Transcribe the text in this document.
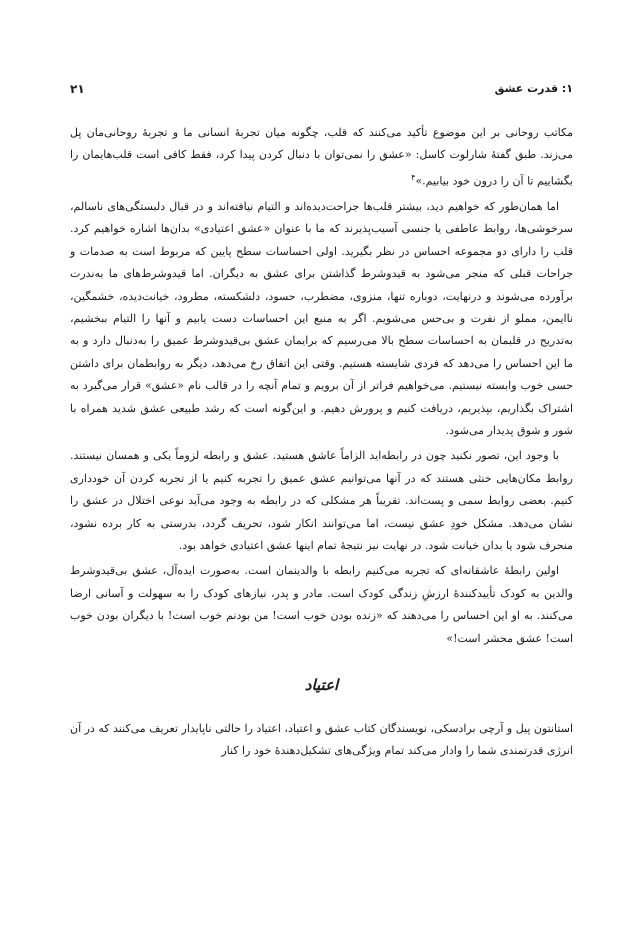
۱: قدرت عشق
۲۱

مکاتب روحانی بر این موضوع تأکید می‌کنند که قلب، چگونه میان تجربهٔ انسانی ما و تجربهٔ روحانی‌مان پل می‌زند. طبق گفتهٔ شارلوت کاسل: «عشق را نمی‌توان با دنبال کردن پیدا کرد، فقط کافی است قلب‌هایمان را بگشاییم تا آن را درون خود بیابیم.»$^۴$

اما همان‌طور که خواهیم دید، بیشتر قلب‌ها جراحت‌دیده‌اند و التیام نیافته‌اند و در قبال دلبستگی‌های ناسالم، سرخوشی‌ها، روابط عاطفی یا جنسی آسیب‌پذیرند که ما با عنوان «عشق اعتیادی» بدان‌ها اشاره خواهیم کرد. قلب را دارای دو مجموعه احساس در نظر بگیرید. اولی احساسات سطح پایین که مربوط است به صدمات و جراحات قبلی که منجر می‌شود به قیدوشرط گذاشتن برای عشق به دیگران. اما قیدوشرط‌های ما به‌ندرت برآورده می‌شوند و درنهایت، دوباره تنها، منزوی، مضطرب، حسود، دلشکسته، مطرود، خیانت‌دیده، خشمگین، ناایمن، مملو از نفرت و بی‌حس می‌شویم. اگر به منبع این احساسات دست یابیم و آنها را التیام ببخشیم، به‌تدریج در قلبمان به احساسات سطح بالا می‌رسیم که برایمان عشق بی‌قیدوشرط عمیق را به‌دنبال دارد و به ما این احساس را می‌دهد که فردی شایسته هستیم. وقتی این اتفاق رخ می‌دهد، دیگر به روابطمان برای داشتن حسی خوب وابسته نیستیم. می‌خواهیم فراتر از آن برویم و تمام آنچه را در قالب نام «عشق» قرار می‌گیرد به اشتراک بگذاریم، بپذیریم، دریافت کنیم و پرورش دهیم. و این‌گونه است که رشد طبیعی عشق شدید همراه با شور و شوق پدیدار می‌شود.

با وجود این، تصور نکنید چون در رابطه‌اید الزاماً عاشق هستید. عشق و رابطه لزوماً یکی و همسان نیستند. روابط مکان‌هایی خنثی هستند که در آنها می‌توانیم عشق عمیق را تجربه کنیم یا از تجربه کردن آن خودداری کنیم. بعضی روابط سمی و پست‌اند. تقریباً هر مشکلی که در رابطه به وجود می‌آید نوعی اختلال در عشق را نشان می‌دهد. مشکل خودِ عشق نیست، اما می‌توانند انکار شود، تحریف گردد، بدرستی به کار برده نشود، منحرف شود یا بدان خیانت شود. در نهایت نیز نتیجهٔ تمام اینها عشق اعتیادی خواهد بود.

اولین رابطهٔ عاشقانه‌ای که تجربه می‌کنیم رابطه با والدینمان است. به‌صورت ایده‌آل، عشق بی‌قیدوشرط والدین به کودک تأییدکنندهٔ ارزشِ زندگی کودک است. مادر و پدر، نیازهای کودک را به سهولت و آسانی ارضا می‌کنند. به او این احساس را می‌دهند که «زنده بودن خوب است! من بودنم خوب است! با دیگران بودن خوب است! عشق محشر است!»

اعتیاد

استانتون پیل و آرچی برادسکی، نویسندگان کتاب عشق و اعتیاد، اعتیاد را حالتی ناپایدار تعریف می‌کنند که در آن انرژی قدرتمندی شما را وادار می‌کند تمام ویژگی‌های تشکیل‌دهندهٔ خود را کنار
